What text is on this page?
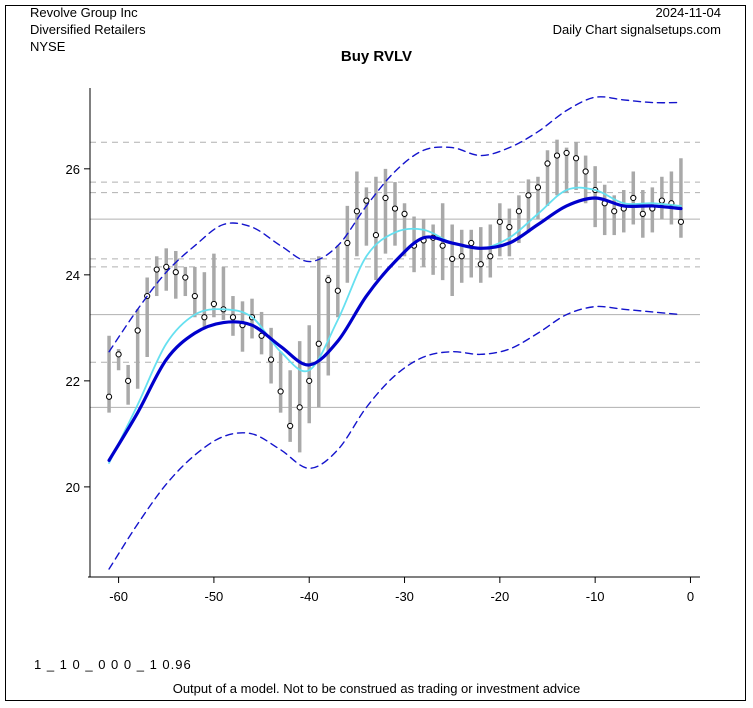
Revolve Group Inc
Diversified Retailers
NYSE
2024-11-04
Daily Chart signalsetups.com
Buy RVLV
20
22
24
26
-60	-50	-40	-30	-20	-10	0
1 _ 1 0 _ 0 0 0 _ 1 0.96
Output of a model. Not to be construed as trading or investment advice
